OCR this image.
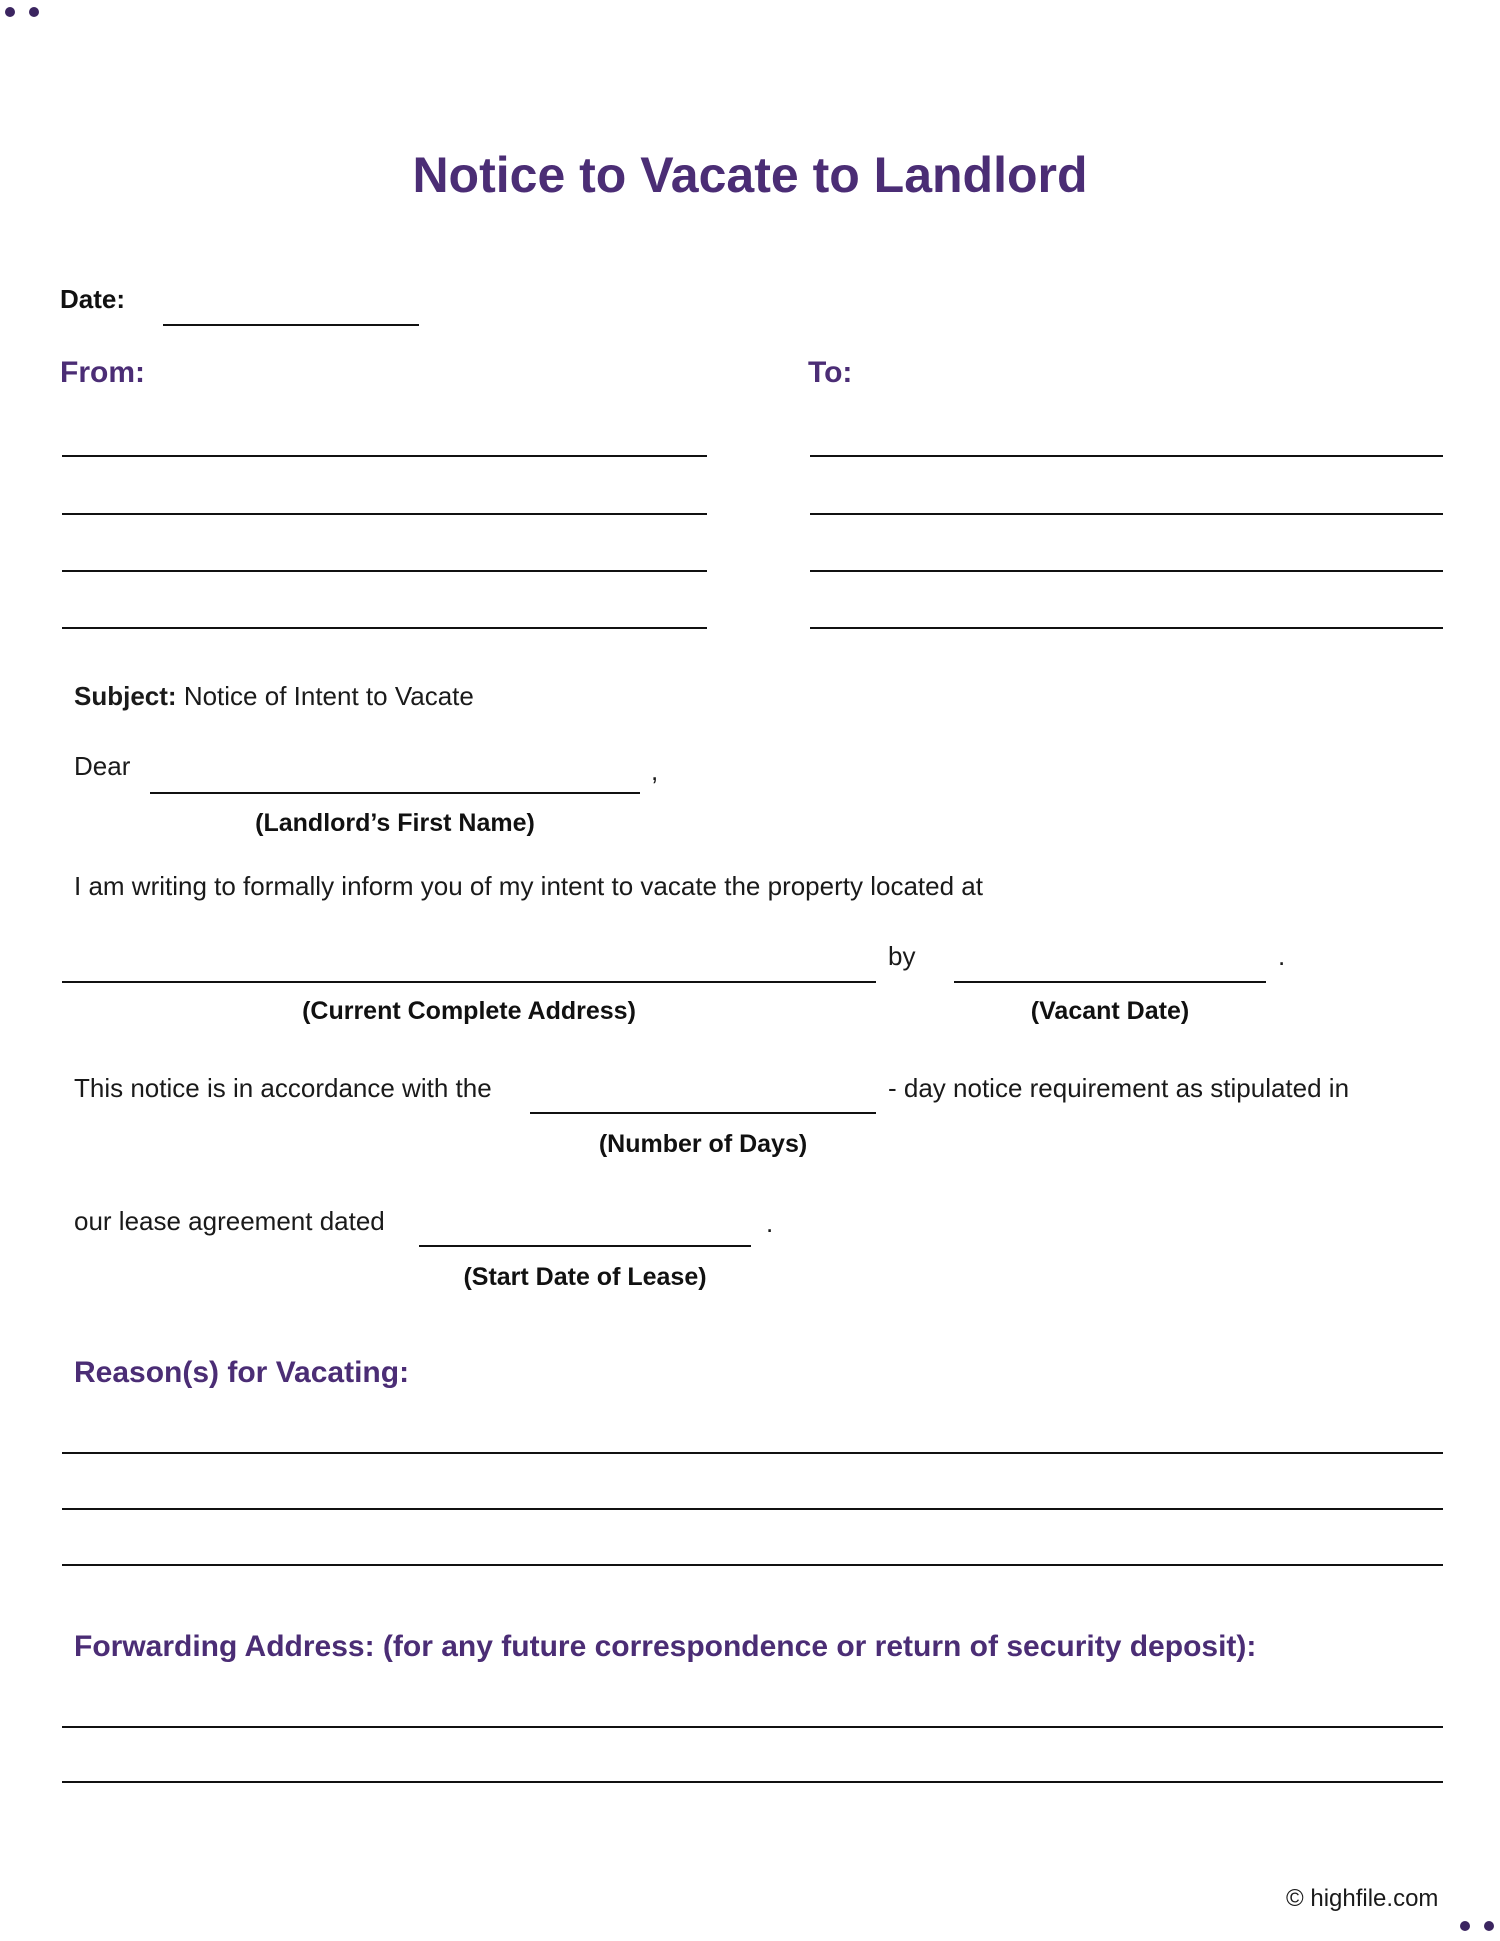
Notice to Vacate to Landlord
Date:
From:	To:
Subject: Notice of Intent to Vacate
Dear	,
(Landlord’s First Name)
I am writing to formally inform you of my intent to vacate the property located at
by	.
(Current Complete Address)	(Vacant Date)
This notice is in accordance with the	- day notice requirement as stipulated in
(Number of Days)
our lease agreement dated	.
(Start Date of Lease)
Reason(s) for Vacating:
Forwarding Address: (for any future correspondence or return of security deposit):
© highfile.com
